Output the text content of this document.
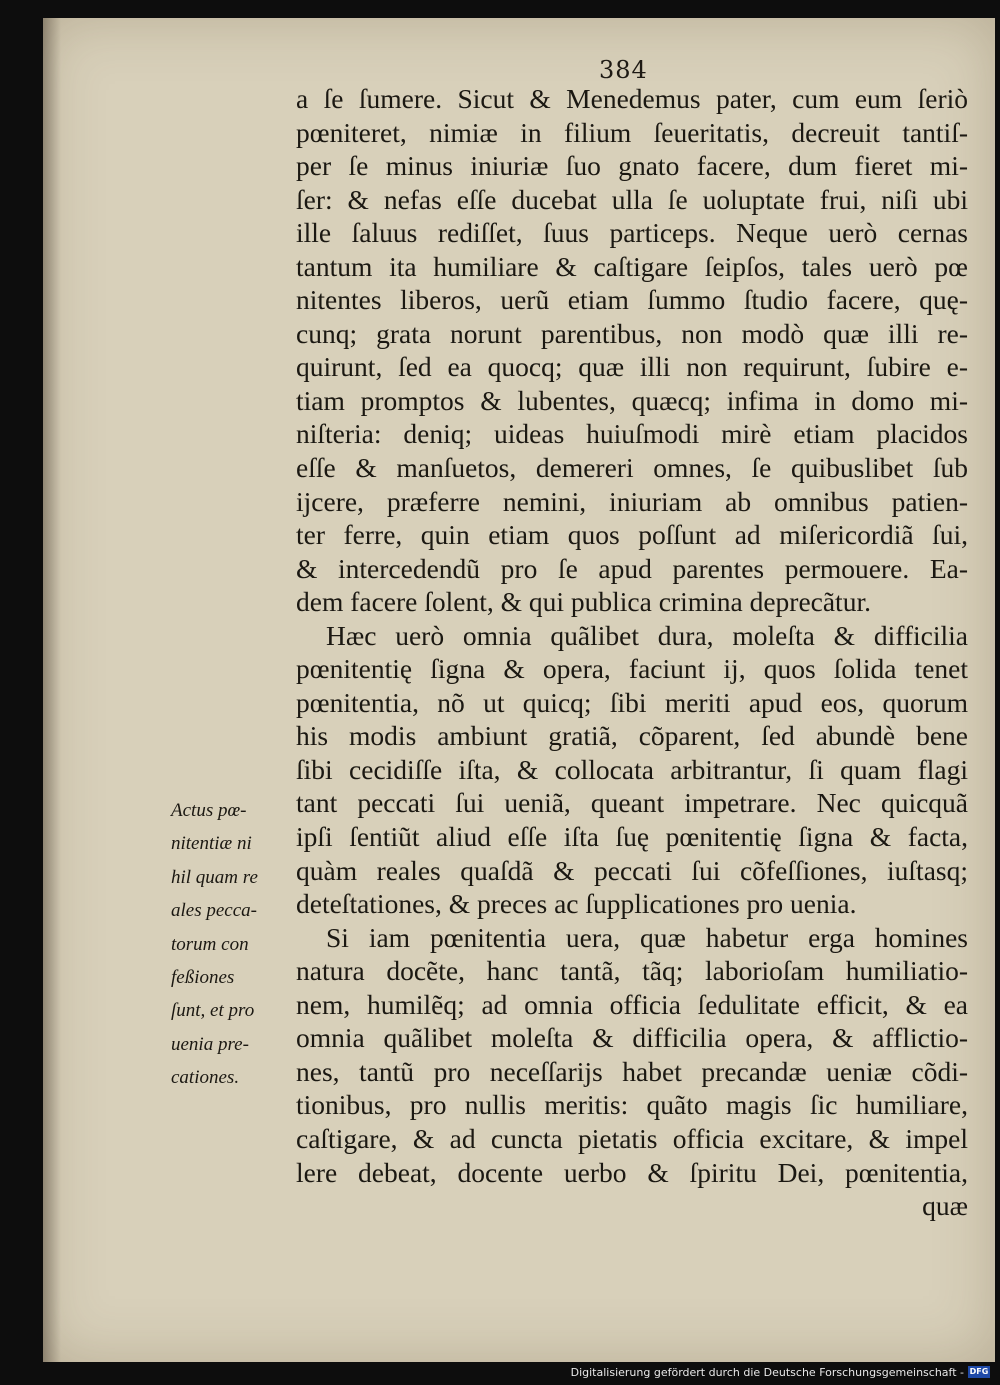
384
a ſe ſumere. Sicut & Menedemus pater, cum eum ſeriò
pœniteret, nimiæ in filium ſeueritatis, decreuit tantiſ-
per ſe minus iniuriæ ſuo gnato facere, dum fieret mi-
ſer: & nefas eſſe ducebat ulla ſe uoluptate frui, niſi ubi
ille ſaluus rediſſet, ſuus particeps. Neque uerò cernas
tantum ita humiliare & caſtigare ſeipſos, tales uerò pœ
nitentes liberos, uerũ etiam ſummo ſtudio facere, quę-
cunq; grata norunt parentibus, non modò quæ illi re-
quirunt, ſed ea quocq; quæ illi non requirunt, ſubire e-
tiam promptos & lubentes, quæcq; infima in domo mi-
niſteria: deniq; uideas huiuſmodi mirè etiam placidos
eſſe & manſuetos, demereri omnes, ſe quibuslibet ſub
ijcere, præferre nemini, iniuriam ab omnibus patien-
ter ferre, quin etiam quos poſſunt ad miſericordiã ſui,
& intercedendũ pro ſe apud parentes permouere. Ea-
dem facere ſolent, & qui publica crimina deprecãtur.
Hæc uerò omnia quãlibet dura, moleſta & difficilia
pœnitentię ſigna & opera, faciunt ij, quos ſolida tenet
pœnitentia, nõ ut quicq; ſibi meriti apud eos, quorum
his modis ambiunt gratiã, cõparent, ſed abundè bene
ſibi cecidiſſe iſta, & collocata arbitrantur, ſi quam flagi
tant peccati ſui ueniã, queant impetrare. Nec quicquã
ipſi ſentiũt aliud eſſe iſta ſuę pœnitentię ſigna & facta,
quàm reales quaſdã & peccati ſui cõfeſſiones, iuſtasq;
deteſtationes, & preces ac ſupplicationes pro uenia.
Si iam pœnitentia uera, quæ habetur erga homines
natura docẽte, hanc tantã, tãq; laborioſam humiliatio-
nem, humilẽq; ad omnia officia ſedulitate efficit, & ea
omnia quãlibet moleſta & difficilia opera, & afflictio-
nes, tantũ pro neceſſarijs habet precandæ ueniæ cõdi-
tionibus, pro nullis meritis: quãto magis ſic humiliare,
caſtigare, & ad cuncta pietatis officia excitare, & impel
lere debeat, docente uerbo & ſpiritu Dei, pœnitentia,
quæ
Actus pœ-
nitentiæ ni
hil quam re
ales pecca-
torum con
feßiones
ſunt, et pro
uenia pre-
cationes.
Digitalisierung gefördert durch die Deutsche Forschungsgemeinschaft - DFG
